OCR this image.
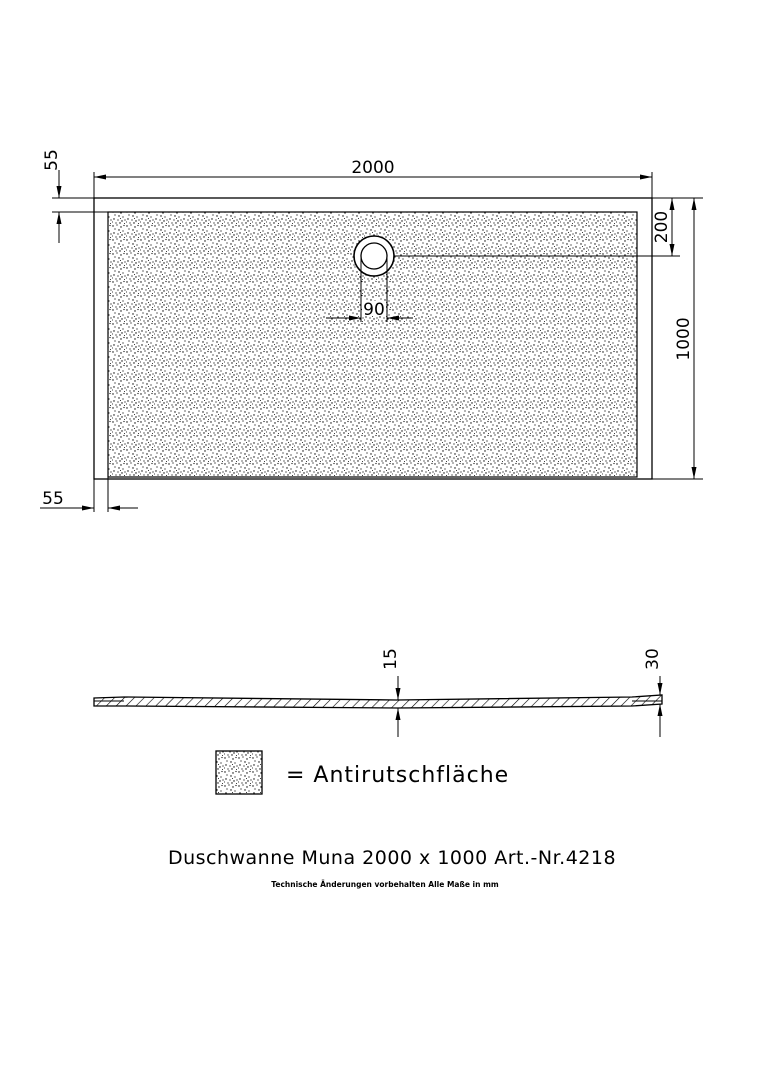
2000
55
55
1000
200
90
15	30
= Antirutschfläche
Duschwanne Muna 2000 x 1000 Art.-Nr.4218
Technische Änderungen vorbehalten Alle Maße in mm
